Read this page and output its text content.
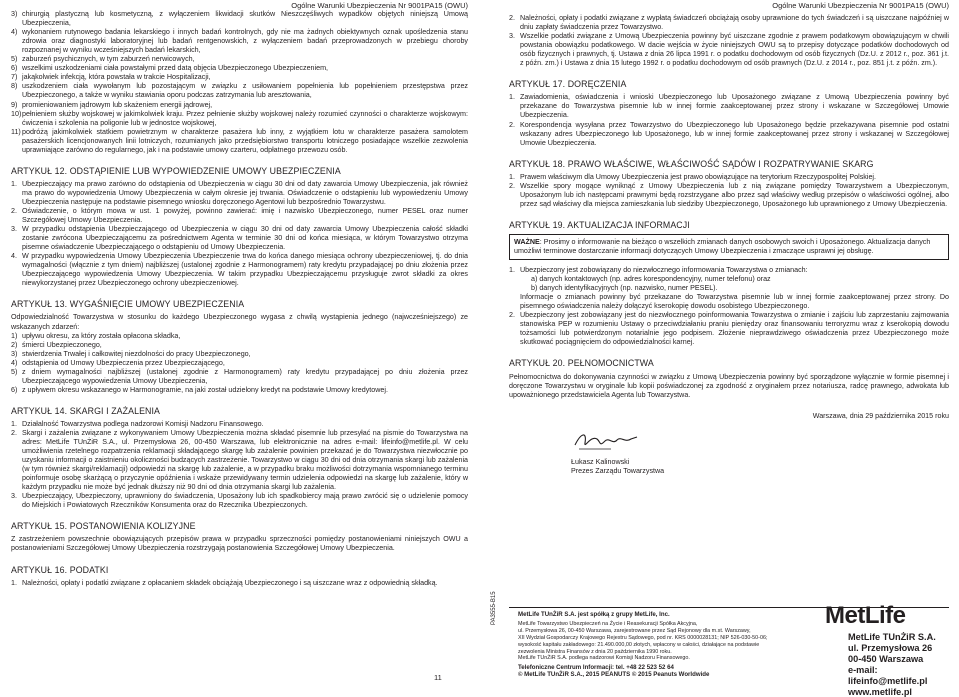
Ogólne Warunki Ubezpieczenia Nr 9001PA15 (OWU)
3) chirurgią plastyczną lub kosmetyczną, z wyłączeniem likwidacji skutków Nieszczęśliwych wypadków objętych niniejszą Umową Ubezpieczenia,
4) wykonaniem rutynowego badania lekarskiego i innych badań kontrolnych, gdy nie ma żadnych obiektywnych oznak upośledzenia stanu zdrowia oraz diagnostyki laboratoryjnej lub badań rentgenowskich, z wyłączeniem badań przeprowadzonych w przebiegu choroby rozpoznanej w wyniku wcześniejszych badań lekarskich,
5) zaburzeń psychicznych, w tym zaburzeń nerwicowych,
6) wszelkimi uszkodzeniami ciała powstałymi przed datą objęcia Ubezpieczonego Ubezpieczeniem,
7) jakąkolwiek infekcją, która powstała w trakcie Hospitalizacji,
8) uszkodzeniem ciała wywołanym lub pozostającym w związku z usiłowaniem popełnienia lub popełnieniem przestępstwa przez Ubezpieczonego, a także w wyniku stawiania oporu podczas zatrzymania lub aresztowania,
9) promieniowaniem jądrowym lub skażeniem energii jądrowej,
10) pełnieniem służby wojskowej w jakimkolwiek kraju. Przez pełnienie służby wojskowej należy rozumieć czynności o charakterze wojskowym: ćwiczenia i szkolenia na poligonie lub w jednostce wojskowej,
11) podróżą jakimkolwiek statkiem powietrznym w charakterze pasażera lub inny, z wyjątkiem lotu w charakterze pasażera samolotem pasażerskich licencjonowanych linii lotniczych, rozumianych jako przedsiębiorstwo transportu lotniczego posiadające wszelkie zezwolenia uprawniające zarówno do regularnego, jak i na podstawie umowy czarteru, odpłatnego przewozu osób.
ARTYKUŁ 12. ODSTĄPIENIE LUB WYPOWIEDZENIE UMOWY UBEZPIECZENIA
1. Ubezpieczający ma prawo zarówno do odstąpienia od Ubezpieczenia w ciągu 30 dni od daty zawarcia Umowy Ubezpieczenia, jak również ma prawo do wypowiedzenia Umowy Ubezpieczenia w całym okresie jej trwania. Oświadczenie o odstąpieniu lub wypowiedzeniu Umowy Ubezpieczenia następuje na podstawie pisemnego wniosku doręczonego Agentowi lub bezpośrednio Towarzystwu.
2. Oświadczenie, o którym mowa w ust. 1 powyżej, powinno zawierać: imię i nazwisko Ubezpieczonego, numer PESEL oraz numer Szczegółowej Umowy Ubezpieczenia.
3. W przypadku odstąpienia Ubezpieczającego od Ubezpieczenia w ciągu 30 dni od daty zawarcia Umowy Ubezpieczenia całość składki zostanie zwrócona Ubezpieczającemu za pośrednictwem Agenta w terminie 30 dni od końca miesiąca, w którym Towarzystwo otrzyma pisemne oświadczenie Ubezpieczającego o odstąpieniu od Umowy Ubezpieczenia.
4. W przypadku wypowiedzenia Umowy Ubezpieczenia Ubezpieczenie trwa do końca danego miesiąca ochrony ubezpieczeniowej, tj. do dnia wymagalności (włącznie z tym dniem) najbliższej (ustalonej zgodnie z Harmonogramem) raty kredytu przypadającej po dniu złożenia przez Ubezpieczającego wypowiedzenia Umowy Ubezpieczenia. W takim przypadku Ubezpieczającemu przysługuje zwrot składki za okres niewykorzystanej przez Ubezpieczonego ochrony ubezpieczeniowej.
ARTYKUŁ 13. WYGAŚNIĘCIE UMOWY UBEZPIECZENIA

Odpowiedzialność Towarzystwa w stosunku do każdego Ubezpieczonego wygasa z chwilą wystąpienia jednego (najwcześniejszego) ze wskazanych zdarzeń:

1) upływu okresu, za który została opłacona składka,
2) śmierci Ubezpieczonego,
3) stwierdzenia Trwałej i całkowitej niezdolności do pracy Ubezpieczonego,
4) odstąpienia od Umowy Ubezpieczenia przez Ubezpieczającego,
5) z dniem wymagalności najbliższej (ustalonej zgodnie z Harmonogramem) raty kredytu przypadającej po dniu złożenia przez Ubezpieczającego wypowiedzenia Umowy Ubezpieczenia,
6) z upływem okresu wskazanego w Harmonogramie, na jaki został udzielony kredyt na podstawie Umowy kredytowej.
ARTYKUŁ 14. SKARGI I ZAŻALENIA
1. Działalność Towarzystwa podlega nadzorowi Komisji Nadzoru Finansowego.
2. Skargi i zażalenia związane z wykonywaniem Umowy Ubezpieczenia można składać pisemnie lub przesyłać na pismie do Towarzystwa na adres: MetLife TUnŻiR S.A., ul. Przemysłowa 26, 00-450 Warszawa, lub elektronicznie na adres e-mail: lifeinfo@metlife.pl. W celu umożliwienia rzetelnego rozpatrzenia reklamacji składającego skargę lub zażalenie powinien przekazać je do Towarzystwa niezwłocznie po uzyskaniu informacji o zaistnieniu okoliczności budzących zastrzeżenie. Towarzystwo w ciągu 30 dni od dnia otrzymania skargi lub zażalenia (w tym również skargi/reklamacji) odpowiedzi na skargę lub zażalenie, a w przypadku braku możliwości dotrzymania wspomnianego terminu poinformuje osobę skarżącą o przyczynie opóźnienia i wskaże przewidywany termin udzielenia odpowiedzi na skargę lub zażalenie, który w każdym przypadku nie może być jednak dłuższy niż 90 dni od dnia otrzymania skargi lub zażalenia.
3. Ubezpieczający, Ubezpieczony, uprawniony do świadczenia, Uposażony lub ich spadkobiercy mają prawo zwrócić się o udzielenie pomocy do Miejskich i Powiatowych Rzeczników Konsumenta oraz do Rzecznika Ubezpieczonych.
ARTYKUŁ 15. POSTANOWIENIA KOLIZYJNE

Z zastrzeżeniem powszechnie obowiązujących przepisów prawa w przypadku sprzeczności pomiędzy postanowieniami niniejszych OWU a postanowieniami Szczegółowej Umowy Ubezpieczenia rozstrzygają postanowienia Szczegółowej Umowy Ubezpieczenia.

ARTYKUŁ 16. PODATKI
1. Należności, opłaty i podatki związane z opłacaniem składek obciążają Ubezpieczonego i są uiszczane wraz z odpowiednią składką.
11
Ogólne Warunki Ubezpieczenia Nr 9001PA15 (OWU)
2. Należności, opłaty i podatki związane z wypłatą świadczeń obciążają osoby uprawnione do tych świadczeń i są uiszczane najpóźniej w dniu zapłaty świadczenia przez Towarzystwo.
3. Wszelkie podatki związane z Umową Ubezpieczenia powinny być uiszczane zgodnie z prawem podatkowym obowiązującym w chwili powstania obowiązku podatkowego. W dacie wejścia w życie niniejszych OWU są to przepisy dotyczące podatków dochodowych od osób fizycznych i prawnych, tj. Ustawa z dnia 26 lipca 1991 r. o podatku dochodowym od osób fizycznych (Dz.U. z 2012 r., poz. 361 j.t. z późn. zm.) i Ustawa z dnia 15 lutego 1992 r. o podatku dochodowym od osób prawnych (Dz.U. z 2014 r., poz. 851 j.t. z późn. zm.).
ARTYKUŁ 17. DORĘCZENIA
1. Zawiadomienia, oświadczenia i wnioski Ubezpieczonego lub Uposażonego związane z Umową Ubezpieczenia powinny być przekazane do Towarzystwa pisemnie lub w innej formie zaakceptowanej przez strony i wskazane w Szczegółowej Umowie Ubezpieczenia.
2. Korespondencja wysyłana przez Towarzystwo do Ubezpieczonego lub Uposażonego będzie przekazywana pisemnie pod ostatni wskazany adres Ubezpieczonego lub Uposażonego, lub w innej formie zaakceptowanej przez strony i wskazanej w Szczegółowej Umowie Ubezpieczenia.
ARTYKUŁ 18. PRAWO WŁAŚCIWE, WŁAŚCIWOŚĆ SĄDÓW I ROZPATRYWANIE SKARG
1. Prawem właściwym dla Umowy Ubezpieczenia jest prawo obowiązujące na terytorium Rzeczypospolitej Polskiej.
2. Wszelkie spory mogące wyniknąć z Umowy Ubezpieczenia lub z nią związane pomiędzy Towarzystwem a Ubezpieczonym, Uposażonym lub ich następcami prawnymi będą rozstrzygane albo przez sąd właściwy według przepisów o właściwości ogólnej, albo przez sąd właściwy dla miejsca zamieszkania lub siedziby Ubezpieczonego, Uposażonego lub uprawnionego z Umowy Ubezpieczenia.
ARTYKUŁ 19. AKTUALIZACJA INFORMACJI
WAŻNE: Prosimy o informowanie na bieżąco o wszelkich zmianach danych osobowych swoich i Uposażonego. Aktualizacja danych umożliwi terminowe dostarczanie informacji dotyczących Umowy Ubezpieczenia i zmaczące usprawni jej obsługę.
1. Ubezpieczony jest zobowiązany do niezwłocznego informowania Towarzystwa o zmianach:
a) danych kontaktowych (np. adres korespondencyjny, numer telefonu) oraz
b) danych identyfikacyjnych (np. nazwisko, numer PESEL).

Informacje o zmianach powinny być przekazane do Towarzystwa pisemnie lub w innej formie zaakceptowanej przez strony. Do pisemnego oświadczenia należy dołączyć kserokopię dowodu osobistego Ubezpieczonego.

2. Ubezpieczony jest zobowiązany jest do niezwłocznego poinformowania Towarzystwa o zmianie i zajściu lub zaprzestaniu zajmowania stanowiska PEP w rozumieniu Ustawy o przeciwdziałaniu praniu pieniędzy oraz finansowaniu terroryzmu wraz z kserokopią dowodu tożsamości lub potwierdzonym notarialnie jego podpisem. Złożenie nieprawdziwego oświadczenia przez Ubezpieczonego może skutkować pociągnięciem do odpowiedzialności karnej.
ARTYKUŁ 20. PEŁNOMOCNICTWA

Pełnomocnictwa do dokonywania czynności w związku z Umową Ubezpieczenia powinny być sporządzone wyłącznie w formie pisemnej i doręczone Towarzystwu w oryginale lub kopii poświadczonej za zgodność z oryginałem przez notariusza, radcę prawnego, adwokata lub upoważnionego przedstawiciela Agenta lub Towarzystwa.

Warszawa, dnia 29 października 2015 roku
Łukasz Kalinowski
Prezes Zarządu Towarzystwa
PA3555-B15	MetLife TUnŻiR S.A. jest spółką z grupy MetLife, Inc.
MetLife Towarzystwo Ubezpieczeń na Życie i Reasekuracji Spółka Akcyjna,
ul. Przemysłowa 26, 00-450 Warszawa, zarejestrowane przez Sąd Rejonowy dla m.st. Warszawy,
XII Wydział Gospodarczy Krajowego Rejestru Sądowego, pod nr. KRS 0000028131; NIP 526-030-50-06;
wysokość kapitału zakładowego: 21.490.000,00 złotych, wpłacony w całości, działające na podstawie
zezwolenia Ministra Finansów z dnia 20 października 1990 roku.
MetLife TUnŻiR S.A. podlega nadzorowi Komisji Nadzoru Finansowego.
Telefoniczne Centrum Informacji: tel. +48 22 523 52 64
© MetLife TUnŻiR S.A., 2015 PEANUTS © 2015 Peanuts Worldwide
MetLife
MetLife TUnŻiR S.A.
ul. Przemysłowa 26
00-450 Warszawa
e-mail: lifeinfo@metlife.pl
www.metlife.pl
